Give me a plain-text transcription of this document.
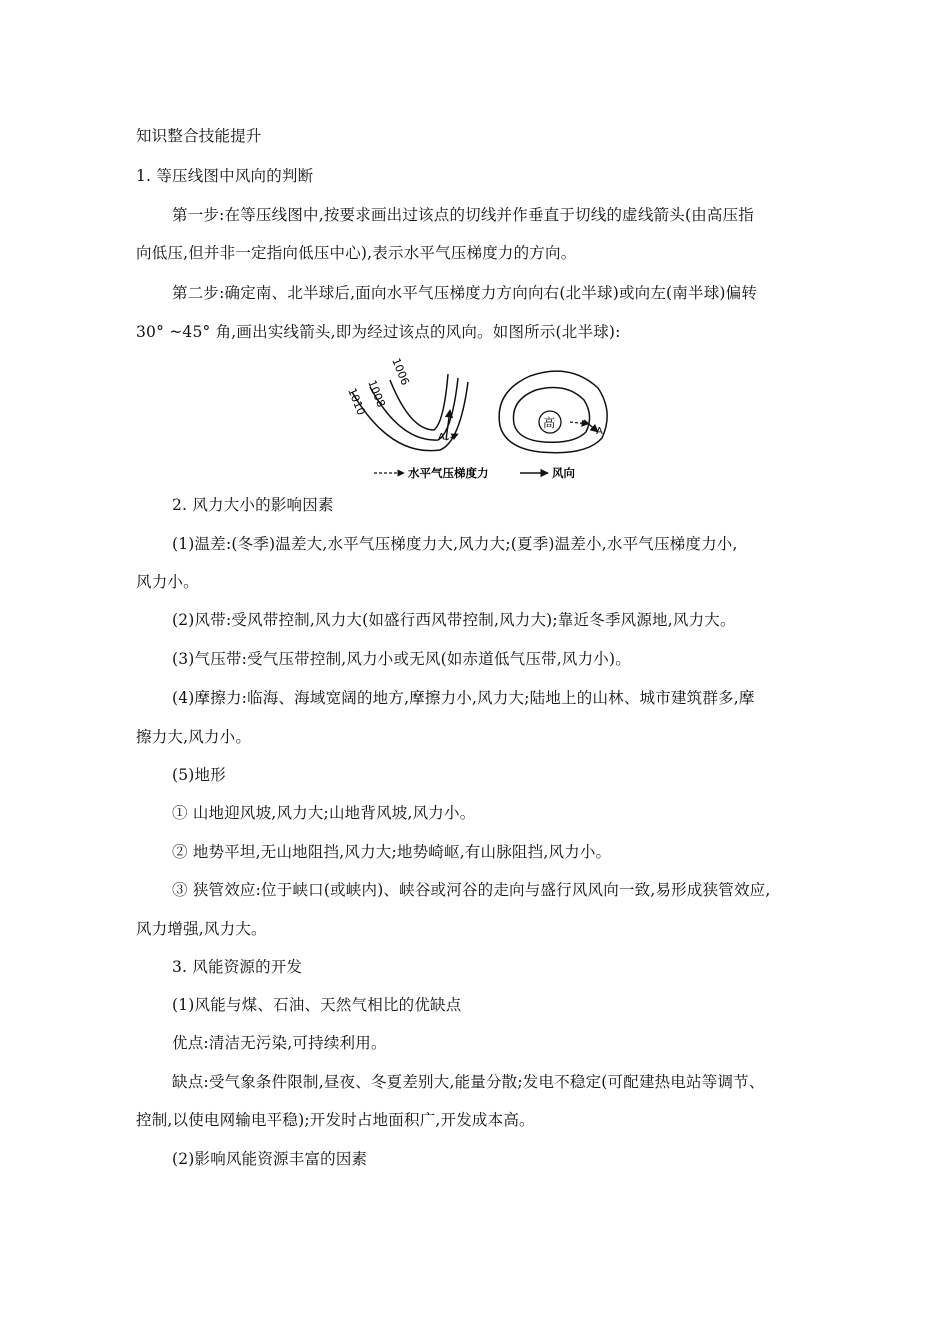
知识整合技能提升
1. 等压线图中风向的判断
第一步:在等压线图中,按要求画出过该点的切线并作垂直于切线的虚线箭头(由高压指
向低压,但并非一定指向低压中心),表示水平气压梯度力的方向。
第二步:确定南、北半球后,面向水平气压梯度力方向向右(北半球)或向左(南半球)偏转
30° ~45° 角,画出实线箭头,即为经过该点的风向。如图所示(北半球):
1010
1008
1006
A
高
A
水平气压梯度力	风向
2. 风力大小的影响因素
(1)温差:(冬季)温差大,水平气压梯度力大,风力大;(夏季)温差小,水平气压梯度力小,
风力小。
(2)风带:受风带控制,风力大(如盛行西风带控制,风力大);靠近冬季风源地,风力大。
(3)气压带:受气压带控制,风力小或无风(如赤道低气压带,风力小)。
(4)摩擦力:临海、海域宽阔的地方,摩擦力小,风力大;陆地上的山林、城市建筑群多,摩
擦力大,风力小。
(5)地形
① 山地迎风坡,风力大;山地背风坡,风力小。
② 地势平坦,无山地阻挡,风力大;地势崎岖,有山脉阻挡,风力小。
③ 狭管效应:位于峡口(或峡内)、峡谷或河谷的走向与盛行风风向一致,易形成狭管效应,
风力增强,风力大。
3. 风能资源的开发
(1)风能与煤、石油、天然气相比的优缺点
优点:清洁无污染,可持续利用。
缺点:受气象条件限制,昼夜、冬夏差别大,能量分散;发电不稳定(可配建热电站等调节、
控制,以使电网输电平稳);开发时占地面积广,开发成本高。
(2)影响风能资源丰富的因素
